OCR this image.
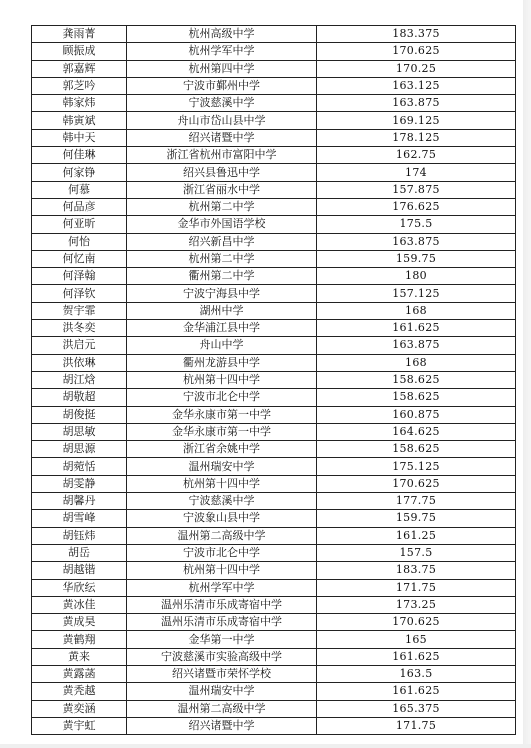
龚雨菁	杭州高级中学	183.375
顾振成	杭州学军中学	170.625
郭嘉辉	杭州第四中学	170.25
郭芝吟	宁波市鄞州中学	163.125
韩家炜	宁波慈溪中学	163.875
韩寅斌	舟山市岱山县中学	169.125
韩中天	绍兴诸暨中学	178.125
何佳琳	浙江省杭州市富阳中学	162.75
何家铮	绍兴县鲁迅中学	174
何慕	浙江省丽水中学	157.875
何品彦	杭州第二中学	176.625
何亚昕	金华市外国语学校	175.5
何怡	绍兴新昌中学	163.875
何忆南	杭州第二中学	159.75
何泽翰	衢州第二中学	180
何泽钦	宁波宁海县中学	157.125
贺宇霏	湖州中学	168
洪冬奕	金华浦江县中学	161.625
洪启元	舟山中学	163.875
洪依琳	衢州龙游县中学	168
胡江焓	杭州第十四中学	158.625
胡敬超	宁波市北仑中学	158.625
胡俊挺	金华永康市第一中学	160.875
胡思敏	金华永康市第一中学	164.625
胡思源	浙江省余姚中学	158.625
胡菀恬	温州瑞安中学	175.125
胡雯静	杭州第十四中学	170.625
胡馨丹	宁波慈溪中学	177.75
胡雪峰	宁波象山县中学	159.75
胡钰炜	温州第二高级中学	161.25
胡岳	宁波市北仑中学	157.5
胡越锴	杭州第十四中学	183.75
华欣纭	杭州学军中学	171.75
黄冰佳	温州乐清市乐成寄宿中学	173.25
黄成昊	温州乐清市乐成寄宿中学	170.625
黄鹤翔	金华第一中学	165
黄来	宁波慈溪市实验高级中学	161.625
黄露菡	绍兴诸暨市荣怀学校	163.5
黄秃越	温州瑞安中学	161.625
黄奕涵	温州第二高级中学	165.375
黄宇虹	绍兴诸暨中学	171.75
